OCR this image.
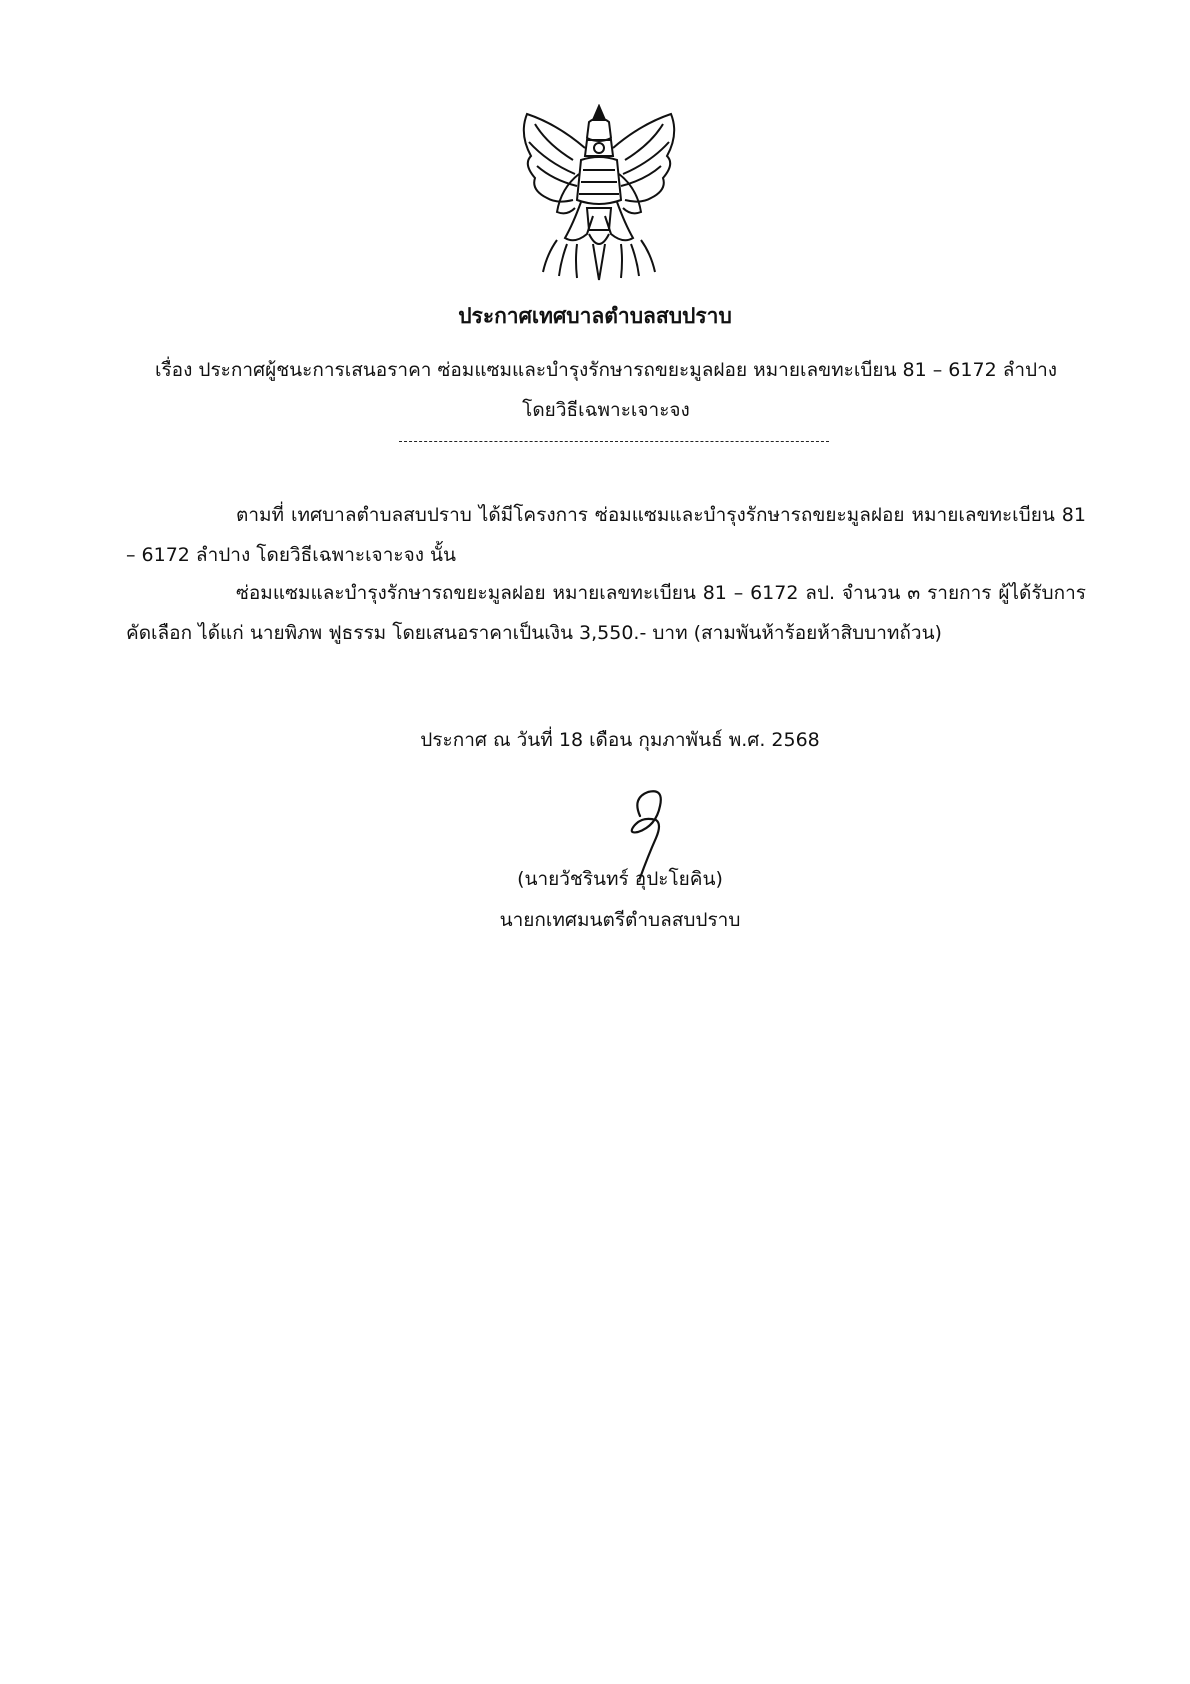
ประกาศเทศบาลตำบลสบปราบ
เรื่อง ประกาศผู้ชนะการเสนอราคา ซ่อมแซมและบำรุงรักษารถขยะมูลฝอย หมายเลขทะเบียน 81 – 6172 ลำปาง
โดยวิธีเฉพาะเจาะจง
ตามที่ เทศบาลตำบลสบปราบ ได้มีโครงการ ซ่อมแซมและบำรุงรักษารถขยะมูลฝอย หมายเลขทะเบียน 81 – 6172 ลำปาง โดยวิธีเฉพาะเจาะจง นั้น
ซ่อมแซมและบำรุงรักษารถขยะมูลฝอย หมายเลขทะเบียน 81 – 6172 ลป. จำนวน ๓ รายการ ผู้ได้รับการคัดเลือก ได้แก่ นายพิภพ ฟูธรรม โดยเสนอราคาเป็นเงิน 3,550.- บาท (สามพันห้าร้อยห้าสิบบาทถ้วน)
ประกาศ ณ วันที่ 18 เดือน กุมภาพันธ์ พ.ศ. 2568
(นายวัชรินทร์ อุปะโยคิน)
นายกเทศมนตรีตำบลสบปราบ
